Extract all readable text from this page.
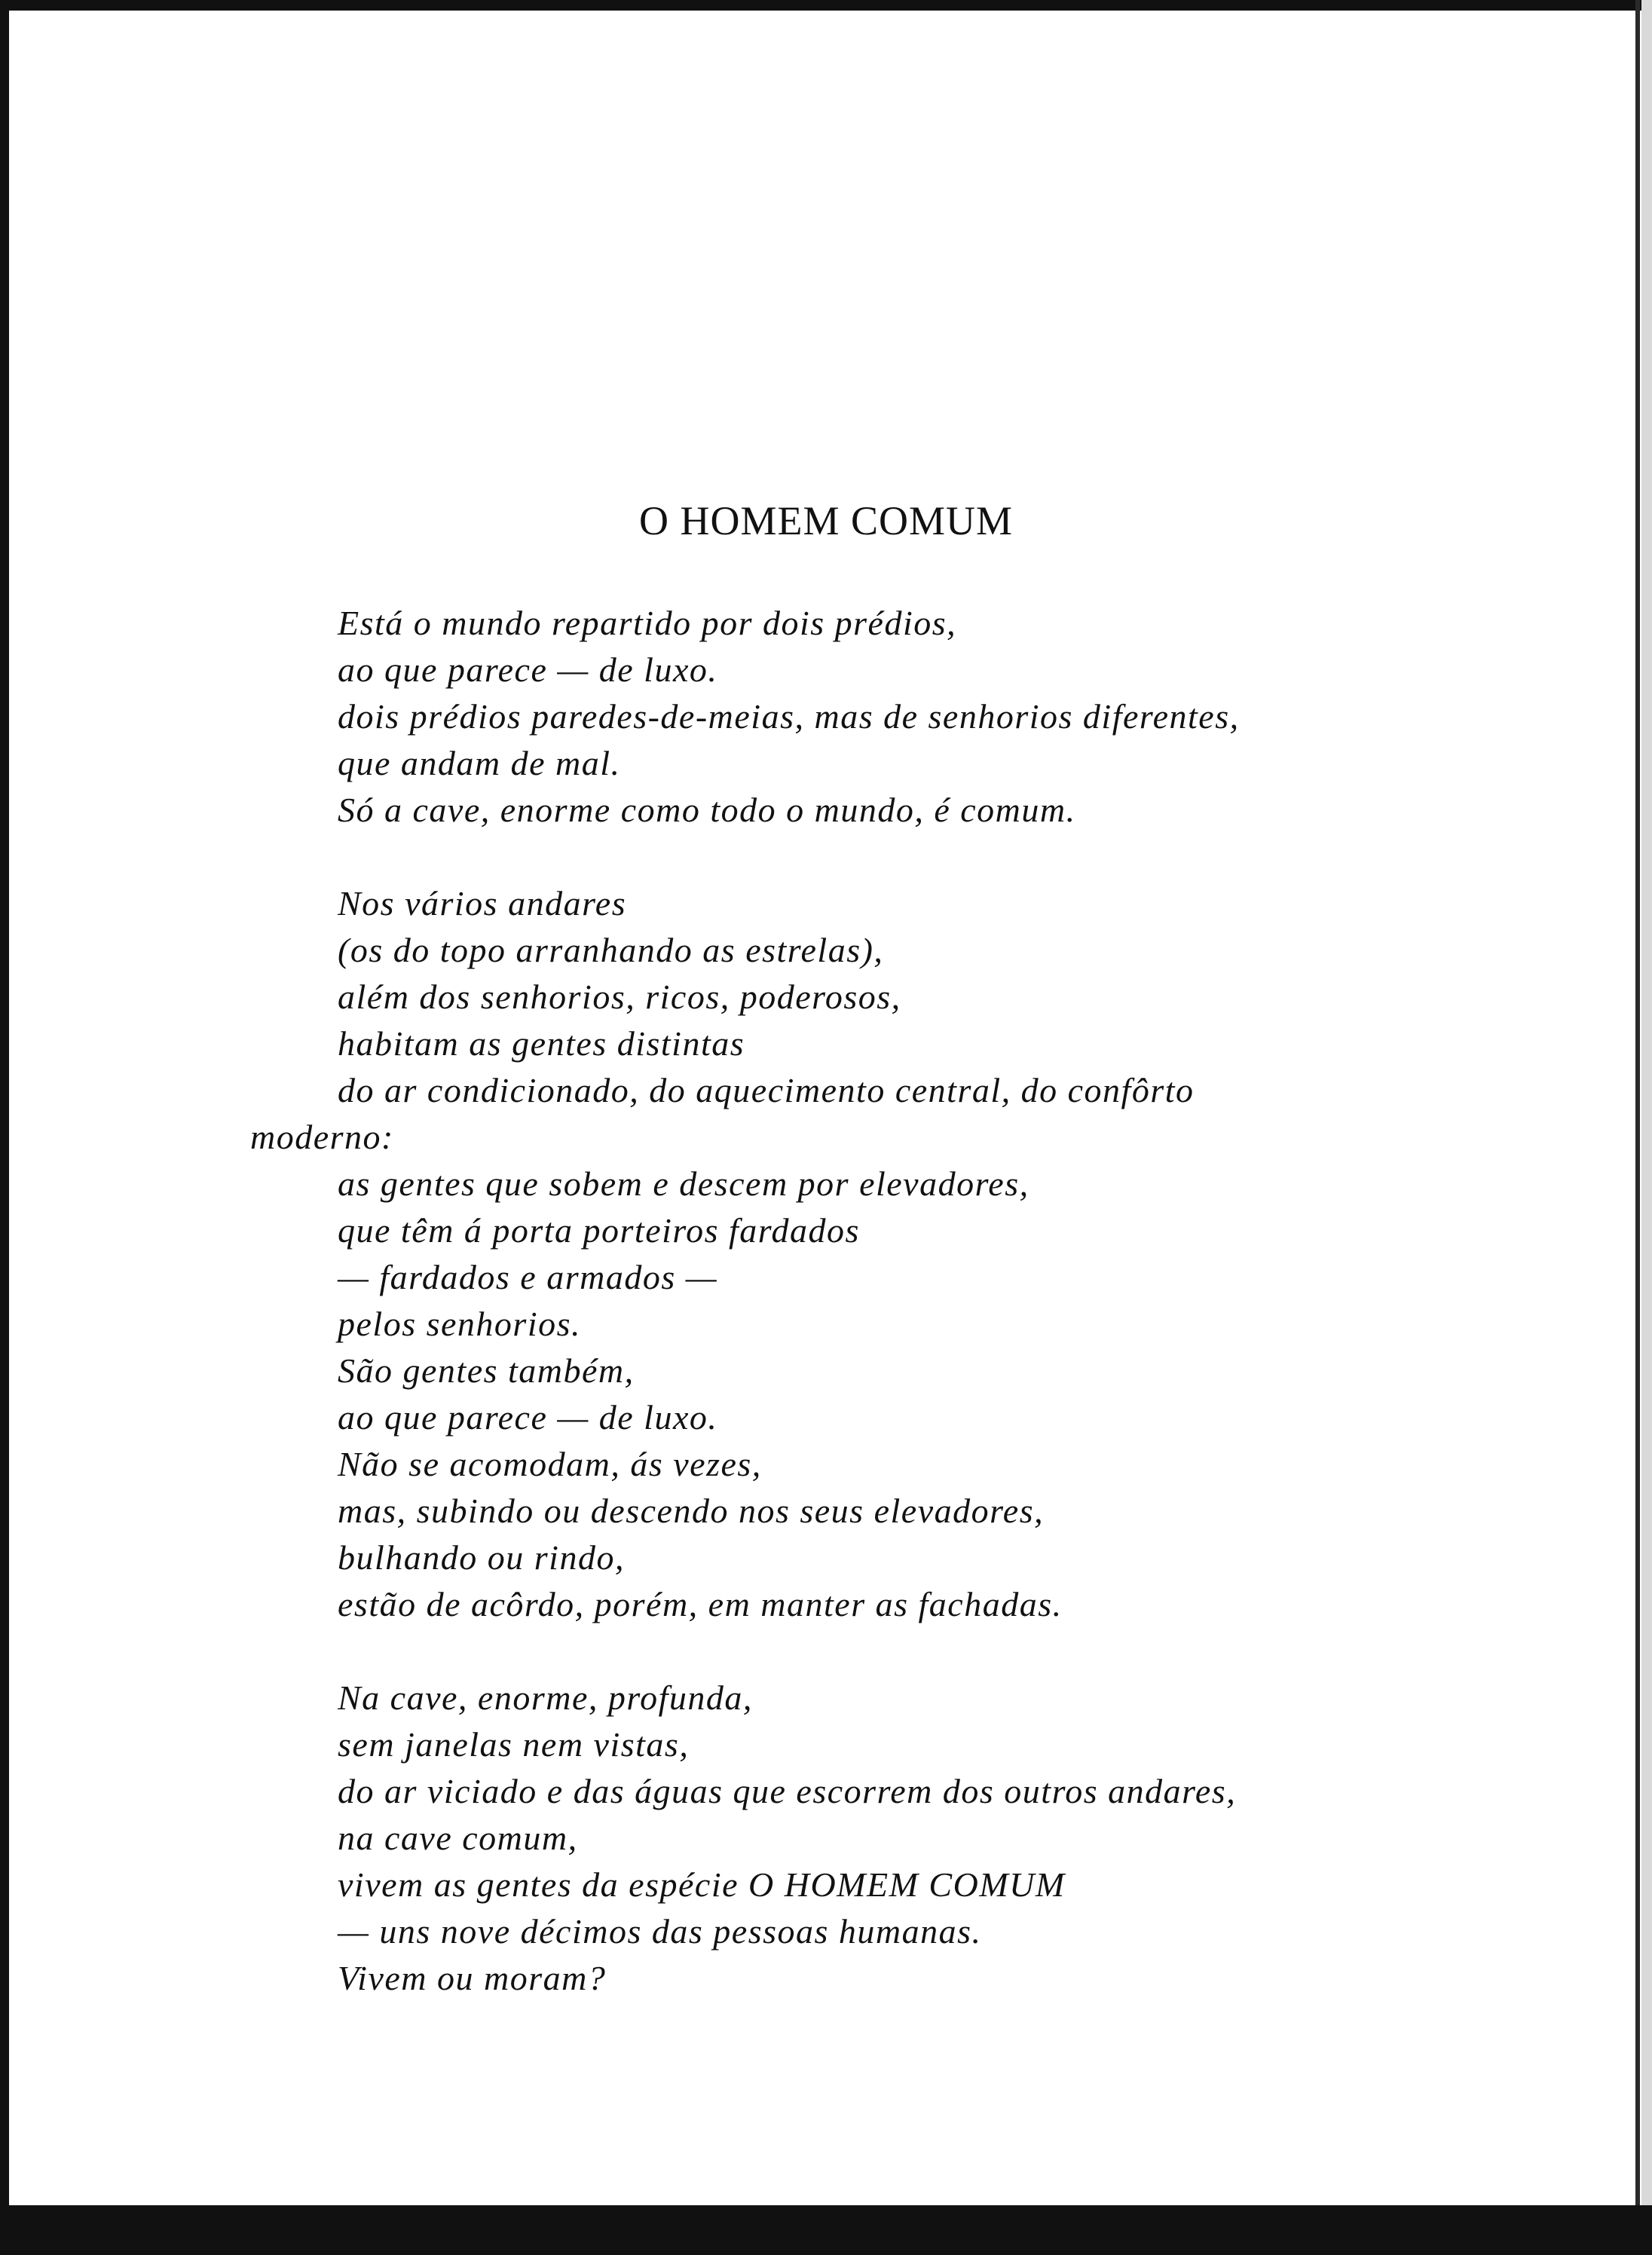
O HOMEM COMUM
Está o mundo repartido por dois prédios,
ao que parece — de luxo.
dois prédios paredes-de-meias, mas de senhorios diferentes,
que andam de mal.
Só a cave, enorme como todo o mundo, é comum.
Nos vários andares
(os do topo arranhando as estrelas),
além dos senhorios, ricos, poderosos,
habitam as gentes distintas
do ar condicionado, do aquecimento central, do confôrto
moderno:
as gentes que sobem e descem por elevadores,
que têm á porta porteiros fardados
— fardados e armados —
pelos senhorios.
São gentes também,
ao que parece — de luxo.
Não se acomodam, ás vezes,
mas, subindo ou descendo nos seus elevadores,
bulhando ou rindo,
estão de acôrdo, porém, em manter as fachadas.
Na cave, enorme, profunda,
sem janelas nem vistas,
do ar viciado e das águas que escorrem dos outros andares,
na cave comum,
vivem as gentes da espécie O HOMEM COMUM
— uns nove décimos das pessoas humanas.
Vivem ou moram?
